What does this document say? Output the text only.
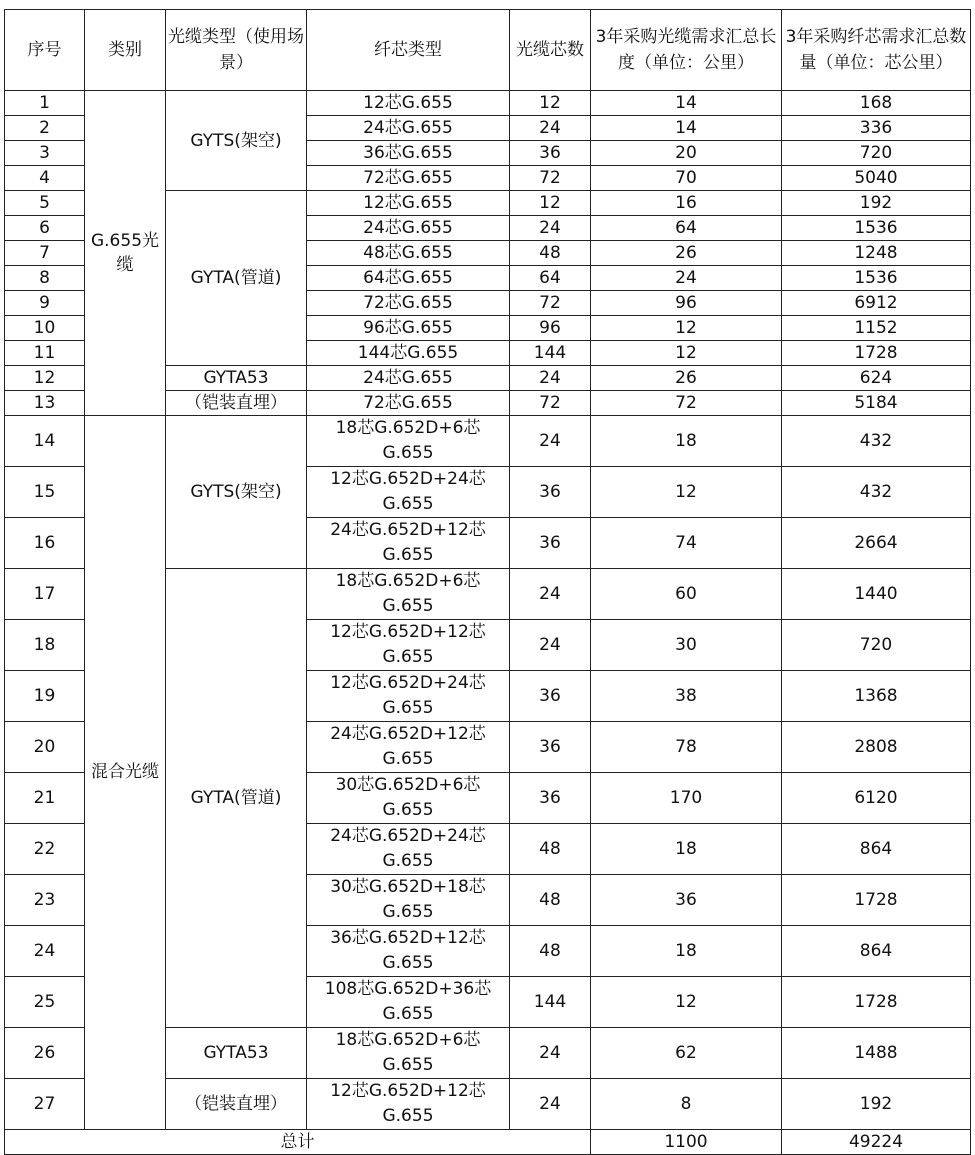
序号	类别	光缆类型（使用场景）	纤芯类型	光缆芯数	3年采购光缆需求汇总长度（单位：公里）	3年采购纤芯需求汇总数量（单位：芯公里）
1	G.655光缆	GYTS(架空)	12芯G.655	12	14	168
2			24芯G.655	24	14	336
3			36芯G.655	36	20	720
4			72芯G.655	72	70	5040
5		GYTA(管道)	12芯G.655	12	16	192
6			24芯G.655	24	64	1536
7			48芯G.655	48	26	1248
8			64芯G.655	64	24	1536
9			72芯G.655	72	96	6912
10			96芯G.655	96	12	1152
11			144芯G.655	144	12	1728
12		GYTA53	24芯G.655	24	26	624
13		（铠装直埋）	72芯G.655	72	72	5184
14	混合光缆	GYTS(架空)	18芯G.652D+6芯
G.655	24	18	432
15			12芯G.652D+24芯
G.655	36	12	432
16			24芯G.652D+12芯
G.655	36	74	2664
17		GYTA(管道)	18芯G.652D+6芯
G.655	24	60	1440
18			12芯G.652D+12芯
G.655	24	30	720
19			12芯G.652D+24芯
G.655	36	38	1368
20			24芯G.652D+12芯
G.655	36	78	2808
21			30芯G.652D+6芯
G.655	36	170	6120
22			24芯G.652D+24芯
G.655	48	18	864
23			30芯G.652D+18芯
G.655	48	36	1728
24			36芯G.652D+12芯
G.655	48	18	864
25			108芯G.652D+36芯
G.655	144	12	1728
26		GYTA53	18芯G.652D+6芯
G.655	24	62	1488
27		（铠装直埋）	12芯G.652D+12芯
G.655	24	8	192
总计					1100	49224
